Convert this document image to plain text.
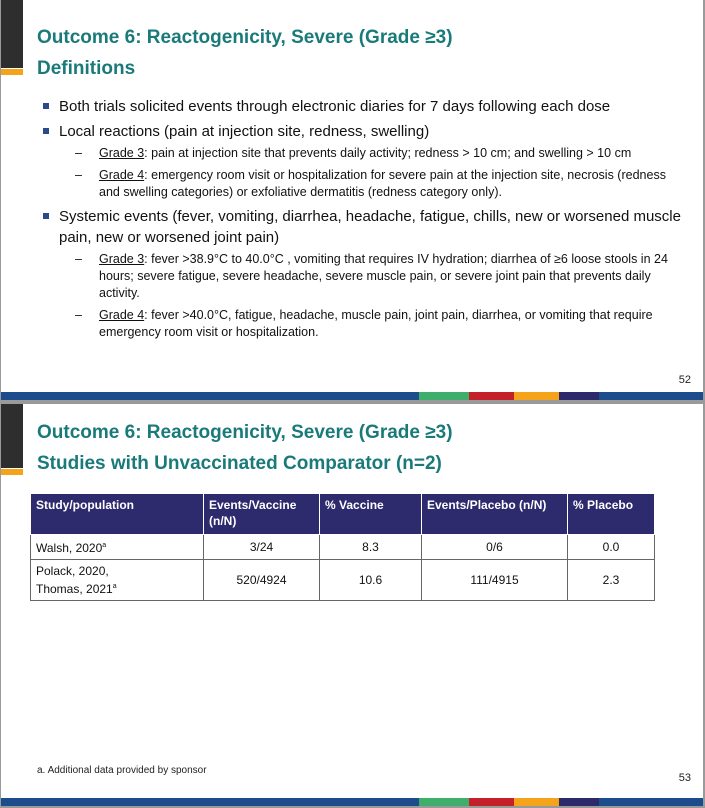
Outcome 6: Reactogenicity, Severe (Grade ≥3)
Definitions
Both trials solicited events through electronic diaries for 7 days following each dose
Local reactions (pain at injection site, redness, swelling)
– Grade 3: pain at injection site that prevents daily activity; redness > 10 cm; and swelling > 10 cm
– Grade 4: emergency room visit or hospitalization for severe pain at the injection site, necrosis (redness and swelling categories) or exfoliative dermatitis (redness category only).
Systemic events (fever, vomiting, diarrhea, headache, fatigue, chills, new or worsened muscle pain, new or worsened joint pain)
– Grade 3: fever >38.9°C to 40.0°C , vomiting that requires IV hydration; diarrhea of ≥6 loose stools in 24 hours; severe fatigue, severe headache, severe muscle pain, or severe joint pain that prevents daily activity.
– Grade 4: fever >40.0°C, fatigue, headache, muscle pain, joint pain, diarrhea, or vomiting that require emergency room visit or hospitalization.
52
Outcome 6: Reactogenicity, Severe (Grade ≥3)
Studies with Unvaccinated Comparator (n=2)
Study/population	Events/Vaccine (n/N)	% Vaccine	Events/Placebo (n/N)	% Placebo
Walsh, 2020$^a$	3/24	8.3	0/6	0.0
Polack, 2020,
Thomas, 2021$^a$	520/4924	10.6	111/4915	2.3
a. Additional data provided by sponsor
53
